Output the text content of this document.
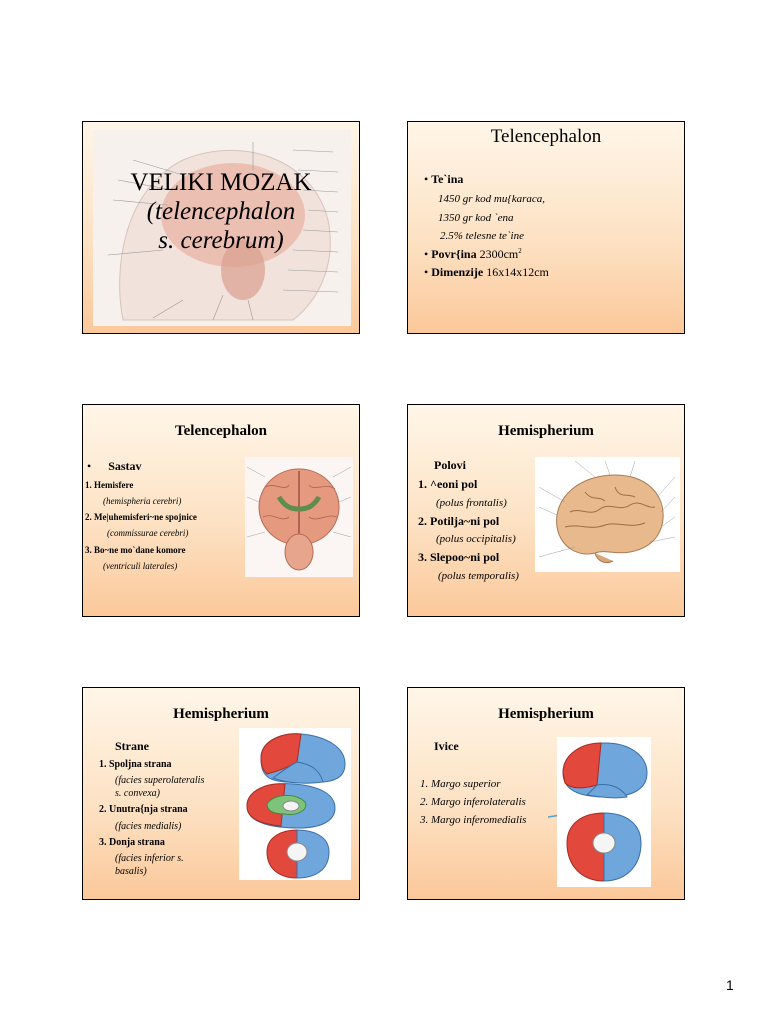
VELIKI MOZAK
(telencephalon
s. cerebrum)
Telencephalon
• Te`ina
1450 gr kod mu{karaca,
1350 gr kod `ena
2.5% telesne te`ine
• Povr{ina $2300cm^2$
• Dimenzije 16x14x12cm
Telencephalon
• Sastav
1. Hemisfere
(hemispheria cerebri)
2. Me|uhemisferi~ne spojnice
(commissurae cerebri)
3. Bo~ne mo`dane komore
(ventriculi laterales)
Hemispherium
Polovi
1. ^eoni pol
(polus frontalis)
2. Potilja~ni pol
(polus occipitalis)
3. Slepoo~ni pol
(polus temporalis)
Hemispherium
Strane
1. Spoljna strana
(facies superolateralis
s. convexa)
2. Unutra{nja strana
(facies medialis)
3. Donja strana
(facies inferior s.
basalis)
Hemispherium
Ivice
1. Margo superior
2. Margo inferolateralis
3. Margo inferomedialis
1
